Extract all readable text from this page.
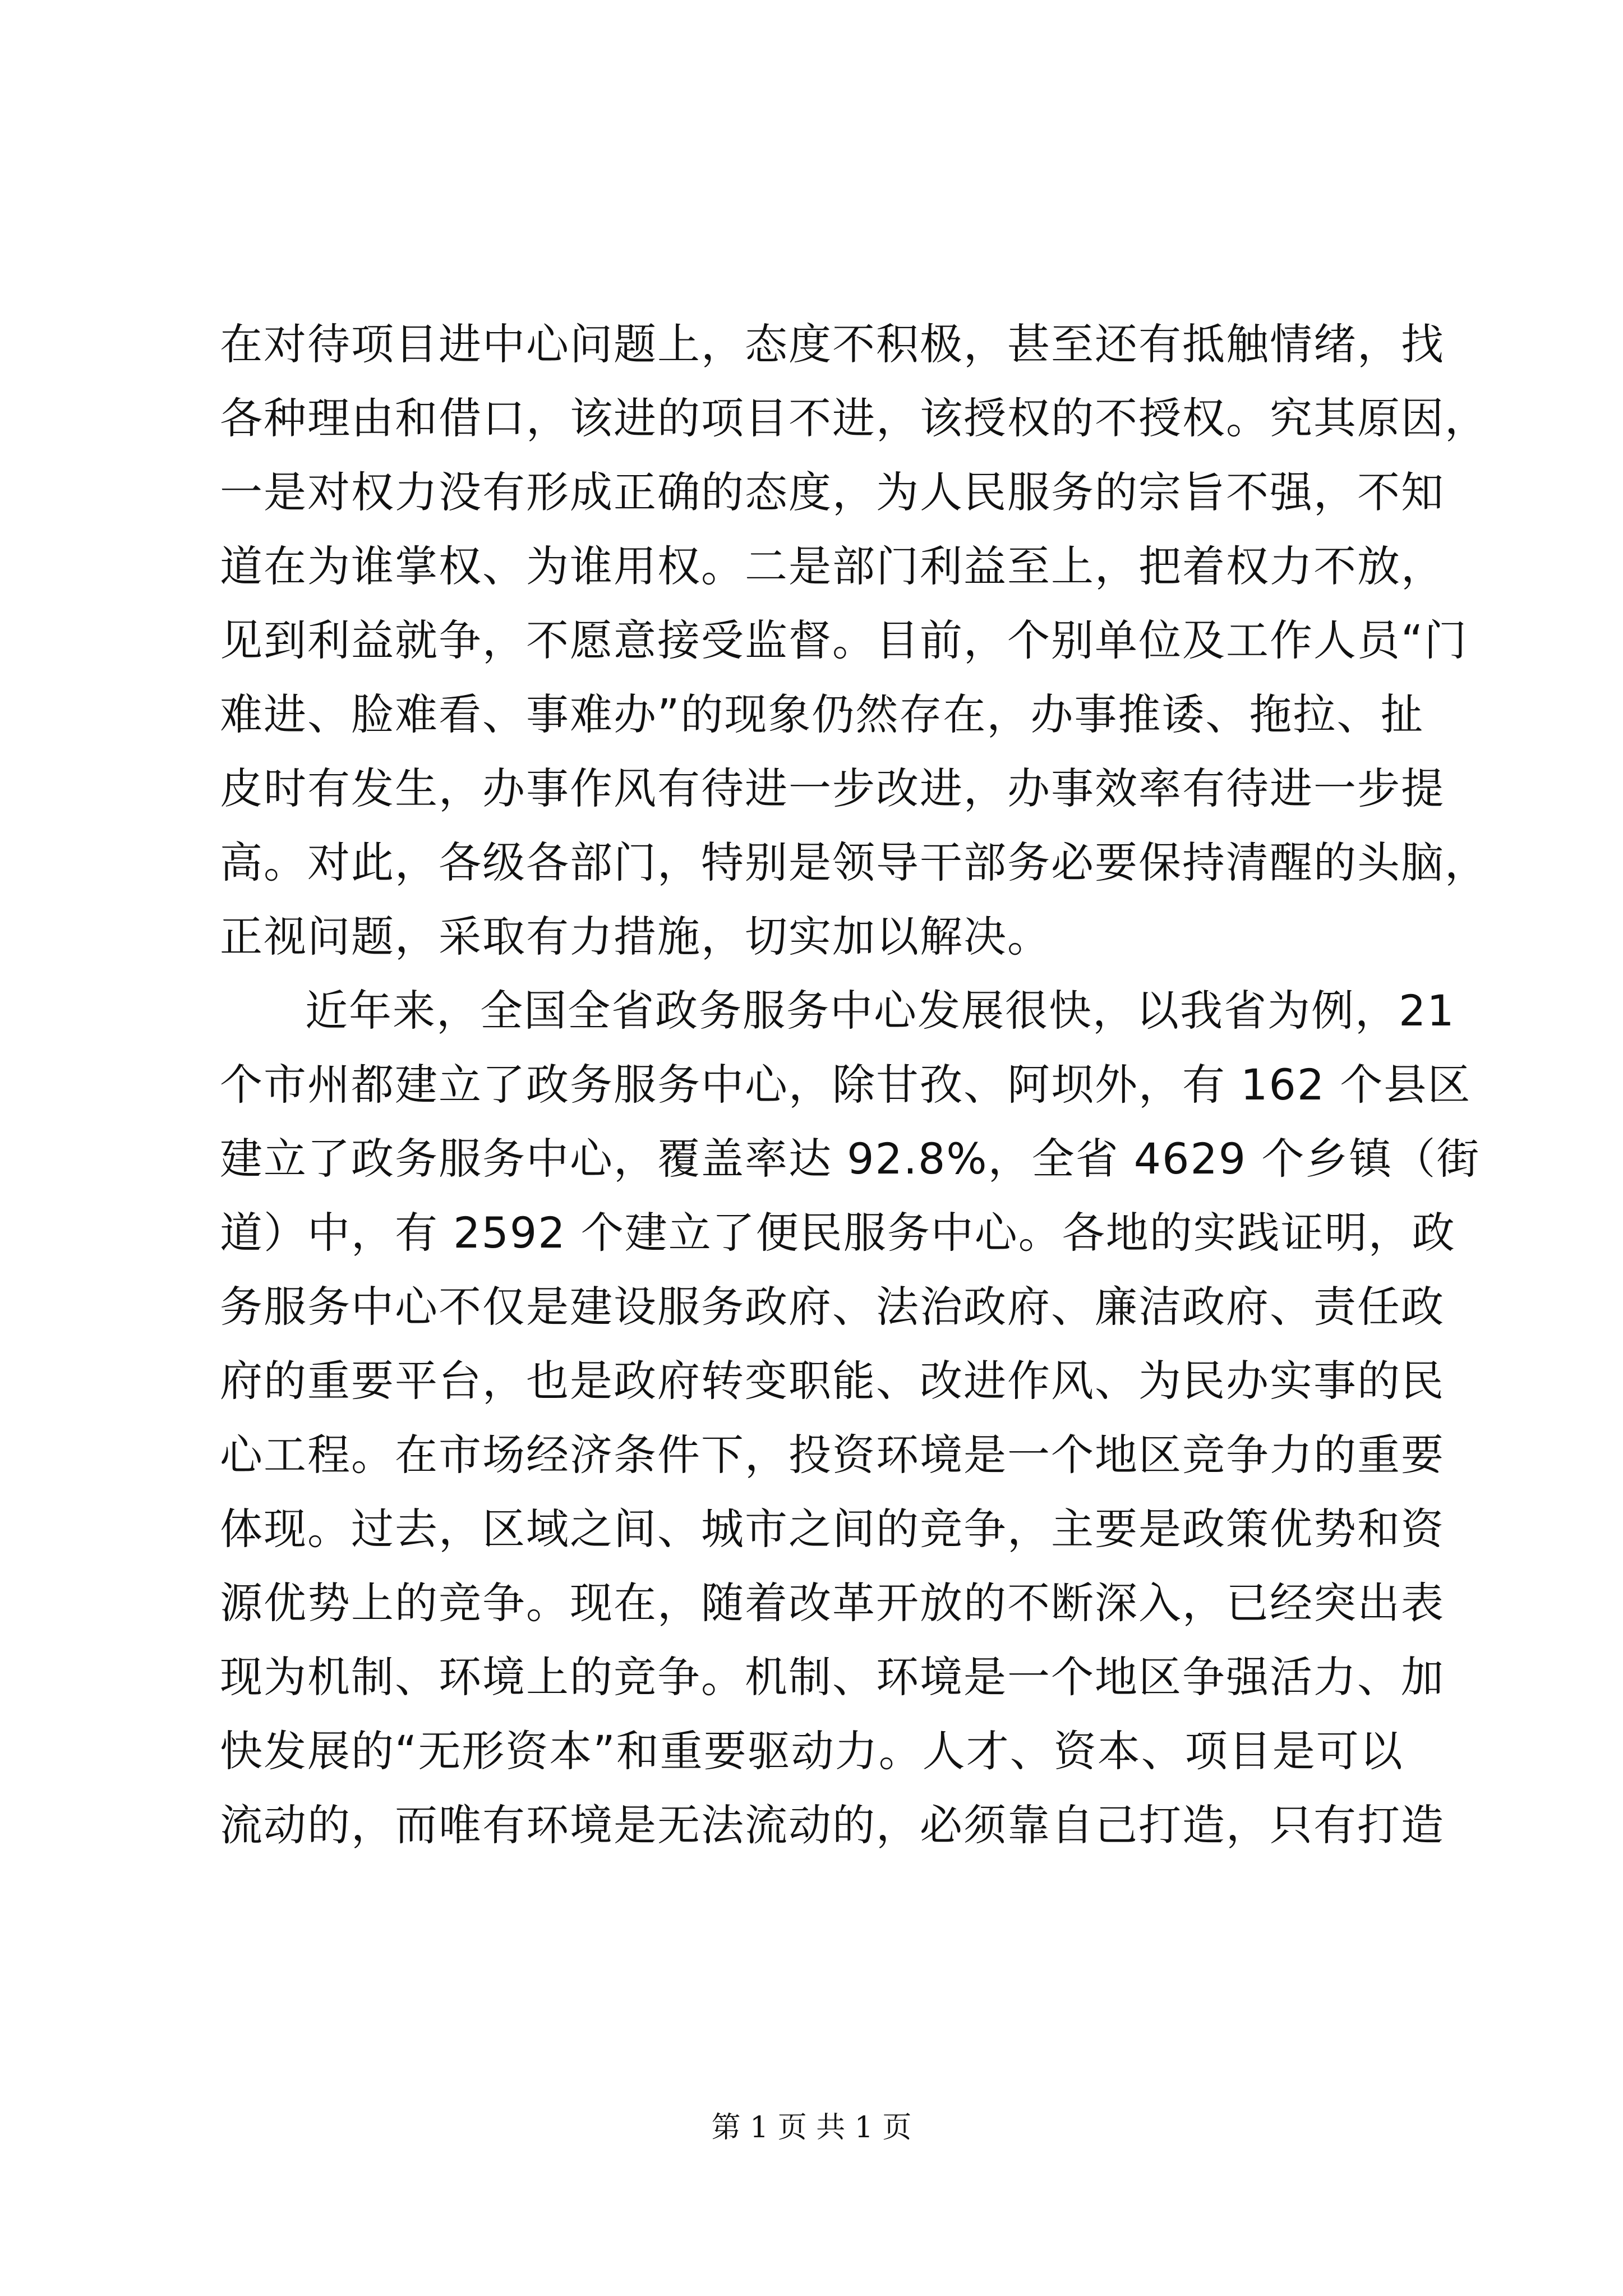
在对待项目进中心问题上，态度不积极，甚至还有抵触情绪，找
各种理由和借口，该进的项目不进，该授权的不授权。究其原因，
一是对权力没有形成正确的态度，为人民服务的宗旨不强，不知
道在为谁掌权、为谁用权。二是部门利益至上，把着权力不放，
见到利益就争，不愿意接受监督。目前，个别单位及工作人员“门
难进、脸难看、事难办”的现象仍然存在，办事推诿、拖拉、扯
皮时有发生，办事作风有待进一步改进，办事效率有待进一步提
高。对此，各级各部门，特别是领导干部务必要保持清醒的头脑，
正视问题，采取有力措施，切实加以解决。
近年来，全国全省政务服务中心发展很快，以我省为例，21
个市州都建立了政务服务中心，除甘孜、阿坝外，有 162 个县区
建立了政务服务中心，覆盖率达 92.8%，全省 4629 个乡镇（街
道）中，有 2592 个建立了便民服务中心。各地的实践证明，政
务服务中心不仅是建设服务政府、法治政府、廉洁政府、责任政
府的重要平台，也是政府转变职能、改进作风、为民办实事的民
心工程。在市场经济条件下，投资环境是一个地区竞争力的重要
体现。过去，区域之间、城市之间的竞争，主要是政策优势和资
源优势上的竞争。现在，随着改革开放的不断深入，已经突出表
现为机制、环境上的竞争。机制、环境是一个地区争强活力、加
快发展的“无形资本”和重要驱动力。人才、资本、项目是可以
流动的，而唯有环境是无法流动的，必须靠自己打造，只有打造
第 1 页 共 1 页
